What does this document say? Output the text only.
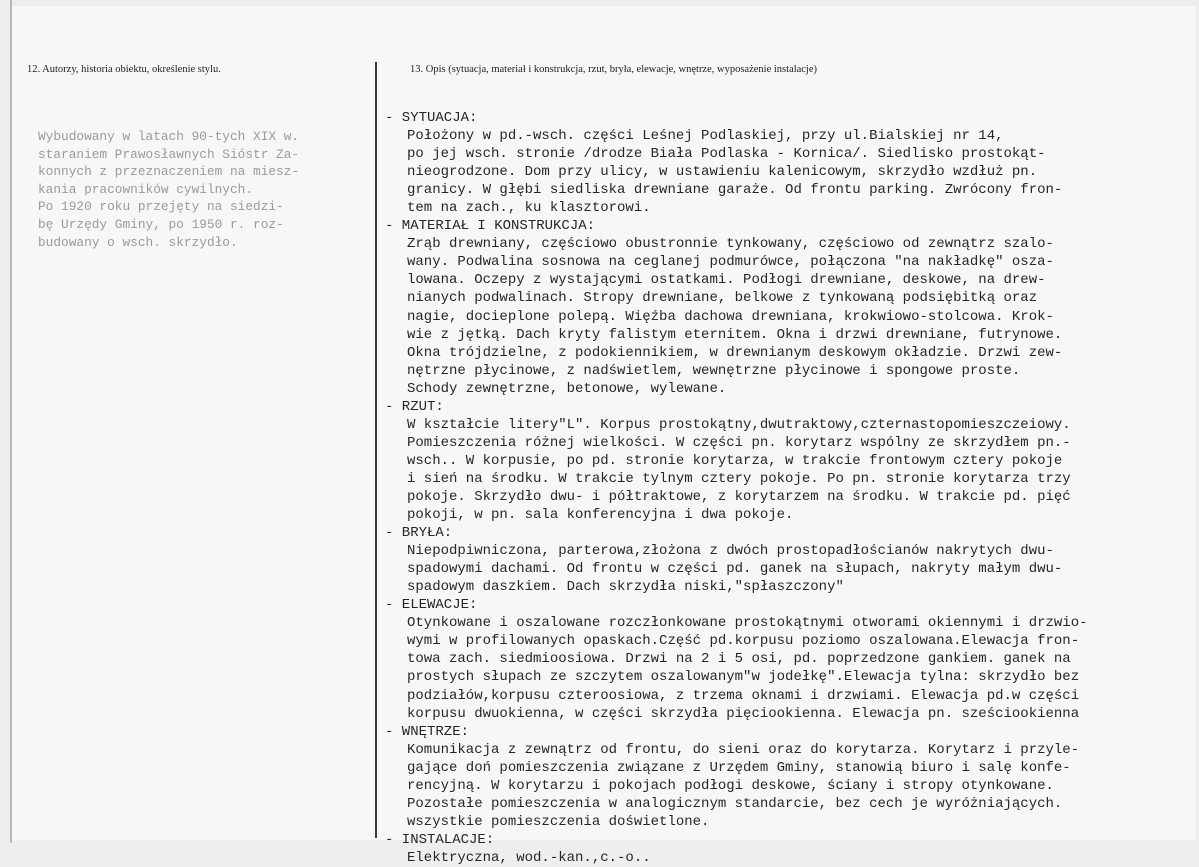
12. Autorzy, historia obiektu, określenie stylu.	13. Opis (sytuacja, materiał i konstrukcja, rzut, bryła, elewacje, wnętrze, wyposażenie instalacje)
Wybudowany w latach 90-tych XIX w.
staraniem Prawosławnych Sióstr Za-
konnych z przeznaczeniem na miesz-
kania pracowników cywilnych.
Po 1920 roku przejęty na siedzi-
bę Urzędy Gminy, po 1950 r. roz-
budowany o wsch. skrzydło.
- SYTUACJA:
Położony w pd.-wsch. części Leśnej Podlaskiej, przy ul.Bialskiej nr 14,
po jej wsch. stronie /drodze Biała Podlaska - Kornica/. Siedlisko prostokąt-
nieogrodzone. Dom przy ulicy, w ustawieniu kalenicowym, skrzydło wzdłuż pn.
granicy. W głębi siedliska drewniane garaże. Od frontu parking. Zwrócony fron-
tem na zach., ku klasztorowi.
- MATERIAŁ I KONSTRUKCJA:
Zrąb drewniany, częściowo obustronnie tynkowany, częściowo od zewnątrz szalo-
wany. Podwalina sosnowa na ceglanej podmurówce, połączona "na nakładkę" osza-
lowana. Oczepy z wystającymi ostatkami. Podłogi drewniane, deskowe, na drew-
nianych podwalinach. Stropy drewniane, belkowe z tynkowaną podsiębitką oraz
nagie, docieplone polepą. Więźba dachowa drewniana, krokwiowo-stolcowa. Krok-
wie z jętką. Dach kryty falistym eternitem. Okna i drzwi drewniane, futrynowe.
Okna trójdzielne, z podokiennikiem, w drewnianym deskowym okładzie. Drzwi zew-
nętrzne płycinowe, z nadświetlem, wewnętrzne płycinowe i spongowe proste.
Schody zewnętrzne, betonowe, wylewane.
- RZUT:
W kształcie litery"L". Korpus prostokątny,dwutraktowy,czternastopomieszczeiowy.
Pomieszczenia różnej wielkości. W części pn. korytarz wspólny ze skrzydłem pn.-
wsch.. W korpusie, po pd. stronie korytarza, w trakcie frontowym cztery pokoje
i sień na środku. W trakcie tylnym cztery pokoje. Po pn. stronie korytarza trzy
pokoje. Skrzydło dwu- i półtraktowe, z korytarzem na środku. W trakcie pd. pięć
pokoji, w pn. sala konferencyjna i dwa pokoje.
- BRYŁA:
Niepodpiwniczona, parterowa,złożona z dwóch prostopadłościanów nakrytych dwu-
spadowymi dachami. Od frontu w części pd. ganek na słupach, nakryty małym dwu-
spadowym daszkiem. Dach skrzydła niski,"spłaszczony"
- ELEWACJE:
Otynkowane i oszalowane rozczłonkowane prostokątnymi otworami okiennymi i drzwio-
wymi w profilowanych opaskach.Część pd.korpusu poziomo oszalowana.Elewacja fron-
towa zach. siedmioosiowa. Drzwi na 2 i 5 osi, pd. poprzedzone gankiem. ganek na
prostych słupach ze szczytem oszalowanym"w jodełkę".Elewacja tylna: skrzydło bez
podziałów,korpusu czteroosiowa, z trzema oknami i drzwiami. Elewacja pd.w części
korpusu dwuokienna, w części skrzydła pięciookienna. Elewacja pn. sześciookienna
- WNĘTRZE:
Komunikacja z zewnątrz od frontu, do sieni oraz do korytarza. Korytarz i przyle-
gające doń pomieszczenia związane z Urzędem Gminy, stanowią biuro i salę konfe-
rencyjną. W korytarzu i pokojach podłogi deskowe, ściany i stropy otynkowane.
Pozostałe pomieszczenia w analogicznym standarcie, bez cech je wyróżniających.
wszystkie pomieszczenia doświetlone.
- INSTALACJE:
Elektryczna, wod.-kan.,c.-o..
